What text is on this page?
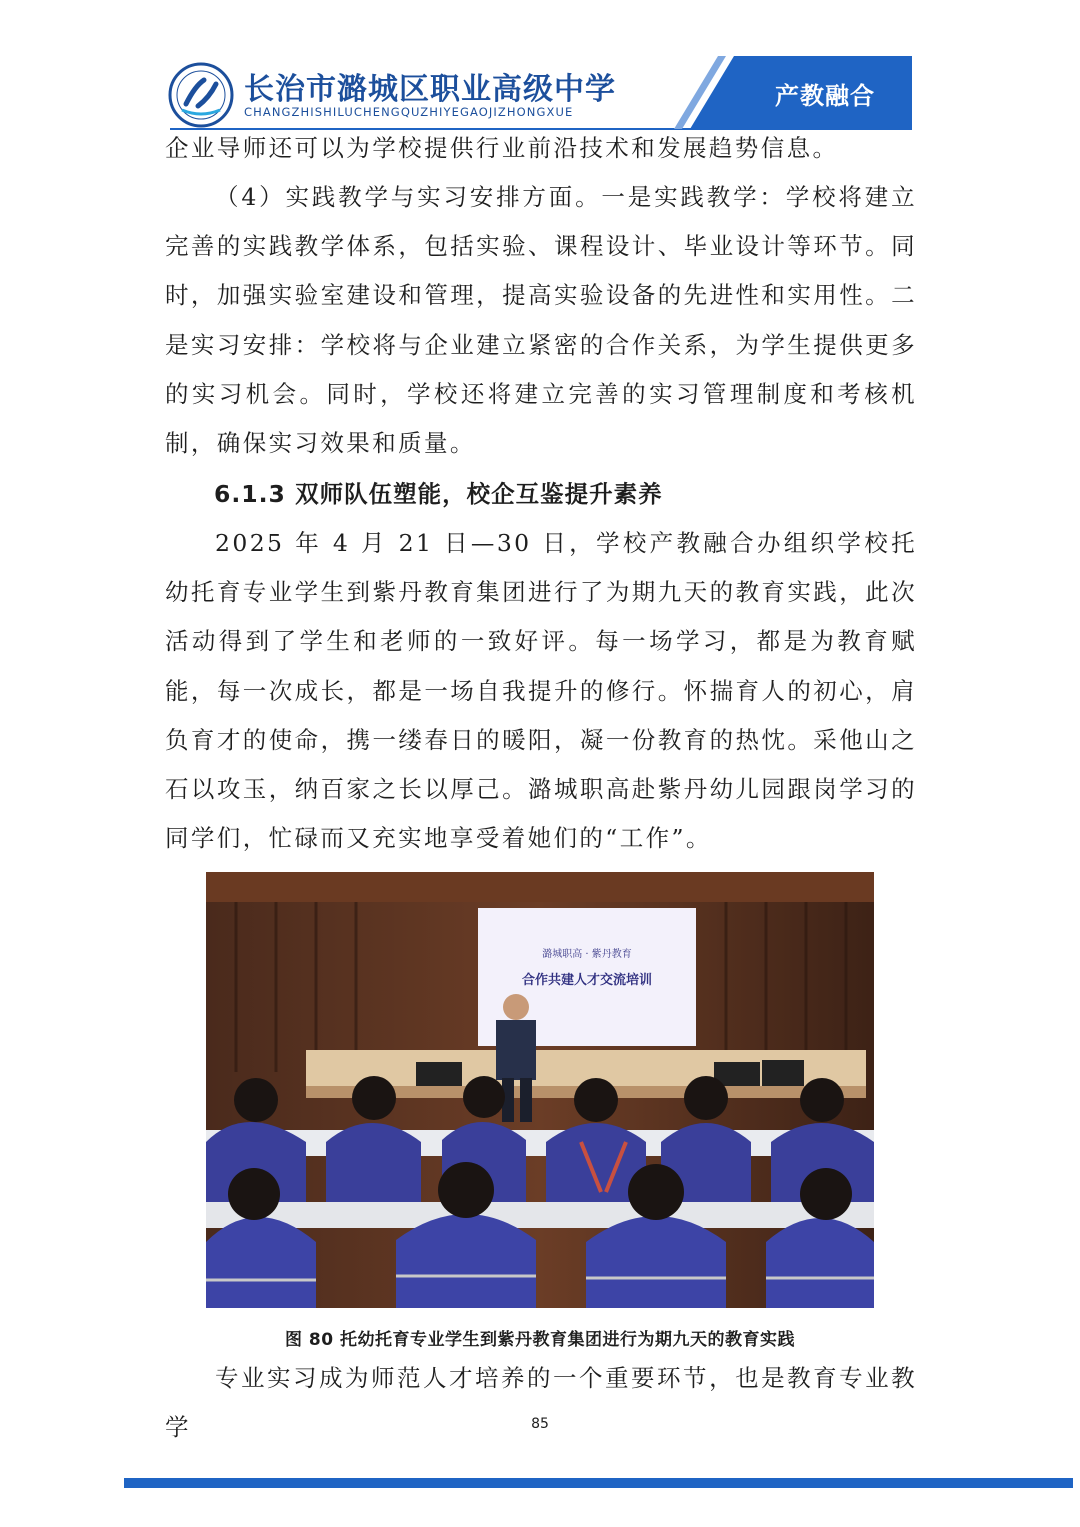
长治市潞城区职业高级中学
CHANGZHISHILUCHENGQUZHIYEGAOJIZHONGXUE
产教融合

企业导师还可以为学校提供行业前沿技术和发展趋势信息。

（4）实践教学与实习安排方面。一是实践教学：学校将建立完善的实践教学体系，包括实验、课程设计、毕业设计等环节。同时，加强实验室建设和管理，提高实验设备的先进性和实用性。二是实习安排：学校将与企业建立紧密的合作关系，为学生提供更多的实习机会。同时，学校还将建立完善的实习管理制度和考核机制，确保实习效果和质量。

6.1.3 双师队伍塑能，校企互鉴提升素养

2025 年 4 月 21 日—30 日，学校产教融合办组织学校托幼托育专业学生到紫丹教育集团进行了为期九天的教育实践，此次活动得到了学生和老师的一致好评。每一场学习，都是为教育赋能，每一次成长，都是一场自我提升的修行。怀揣育人的初心，肩负育才的使命，携一缕春日的暖阳，凝一份教育的热忱。采他山之石以攻玉，纳百家之长以厚己。潞城职高赴紫丹幼儿园跟岗学习的同学们，忙碌而又充实地享受着她们的“工作”。

潞城职高 · 紫丹教育
合作共建人才交流培训
图 80 托幼托育专业学生到紫丹教育集团进行为期九天的教育实践

专业实习成为师范人才培养的一个重要环节，也是教育专业教学	85
